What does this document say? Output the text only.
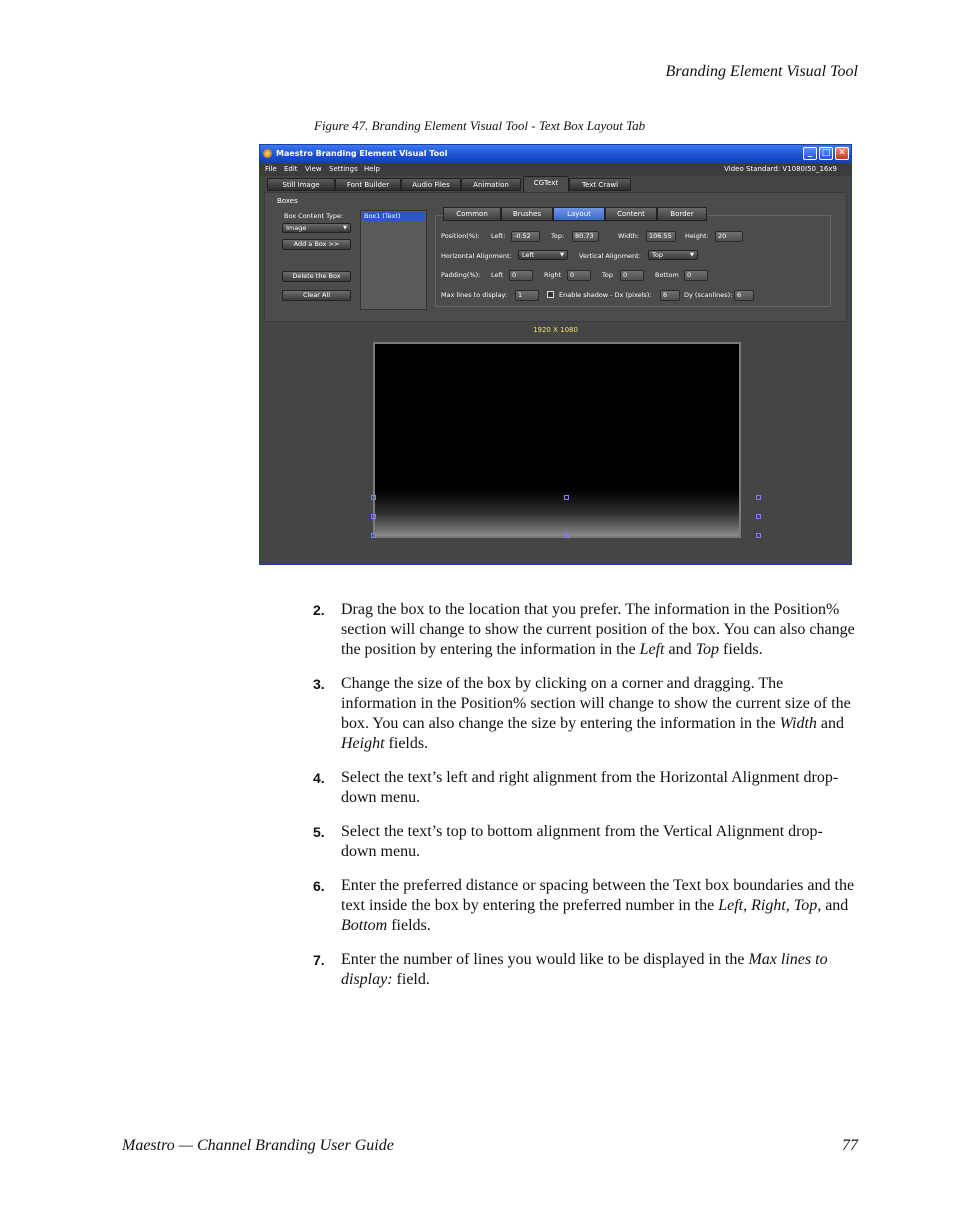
Branding Element Visual Tool
Figure 47. Branding Element Visual Tool - Text Box Layout Tab
Maestro Branding Element Visual Tool	_	□ ✕
File Edit View Settings Help	Video Standard: V1080I50_16x9
Still Image	Font Builder	Audio Files	Animation	CGText	Text Crawl
Boxes
Box Content Type:
Image	▼
Add a Box >>
Delete the Box
Clear All
Box1 (Text)
Position(%): Left:	-0.52	Top:	80.73	Width:	106.55	Height:	20
Horizontal Alignment:	Left	▼ Vertical Alignment:	Top	▼
Padding(%): Left	0	Right	0	Top	0	Bottom	0
Max lines to display:	1	Enable shadow - Dx (pixels):	6	Dy (scanlines): 6
Common	Brushes	Layout	Content	Border
1920 X 1080
2. Drag the box to the location that you prefer. The information in the Position% section will change to show the current position of the box. You can also change the position by entering the information in the Left and Top fields.
3. Change the size of the box by clicking on a corner and dragging. The information in the Position% section will change to show the current size of the box. You can also change the size by entering the information in the Width and Height fields.
4. Select the text’s left and right alignment from the Horizontal Alignment drop-down menu.
5. Select the text’s top to bottom alignment from the Vertical Alignment drop-down menu.
6. Enter the preferred distance or spacing between the Text box boundaries and the text inside the box by entering the preferred number in the Left, Right, Top, and Bottom fields.
7. Enter the number of lines you would like to be displayed in the Max lines to display: field.
Maestro — Channel Branding User Guide	77
